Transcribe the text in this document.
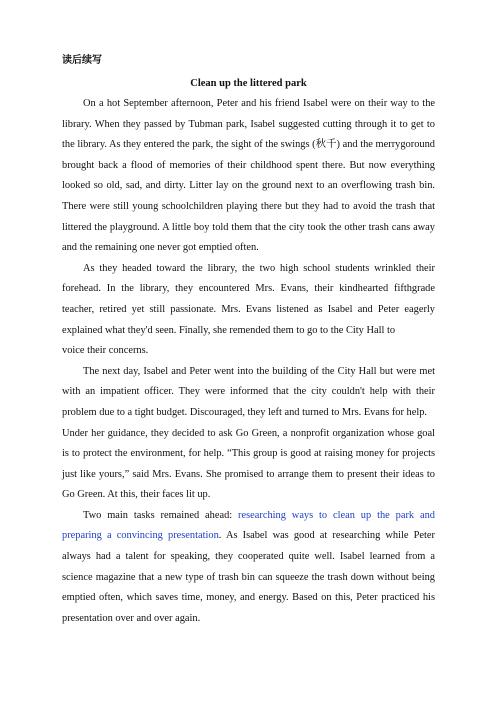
读后续写

Clean up the littered park

On a hot September afternoon, Peter and his friend Isabel were on their way to the library. When they passed by Tubman park, Isabel suggested cutting through it to get to the library. As they entered the park, the sight of the swings (秋千) and the merrygoround brought back a flood of memories of their childhood spent there. But now everything looked so old, sad, and dirty. Litter lay on the ground next to an overflowing trash bin. There were still young schoolchildren playing there but they had to avoid the trash that littered the playground. A little boy told them that the city took the other trash cans away and the remaining one never got emptied often.

As they headed toward the library, the two high school students wrinkled their forehead. In the library, they encountered Mrs. Evans, their kindhearted fifthgrade teacher, retired yet still passionate. Mrs. Evans listened as Isabel and Peter eagerly explained what they'd seen. Finally, she remended them to go to the City Hall to

voice their concerns.

The next day, Isabel and Peter went into the building of the City Hall but were met with an impatient officer. They were informed that the city couldn't help with their problem due to a tight budget. Discouraged, they left and turned to Mrs. Evans for help.

Under her guidance, they decided to ask Go Green, a nonprofit organization whose goal is to protect the environment, for help. “This group is good at raising money for projects just like yours,” said Mrs. Evans. She promised to arrange them to present their ideas to Go Green. At this, their faces lit up.

Two main tasks remained ahead: researching ways to clean up the park and preparing a convincing presentation. As Isabel was good at researching while Peter always had a talent for speaking, they cooperated quite well. Isabel learned from a science magazine that a new type of trash bin can squeeze the trash down without being emptied often, which saves time, money, and energy. Based on this, Peter practiced his presentation over and over again.
